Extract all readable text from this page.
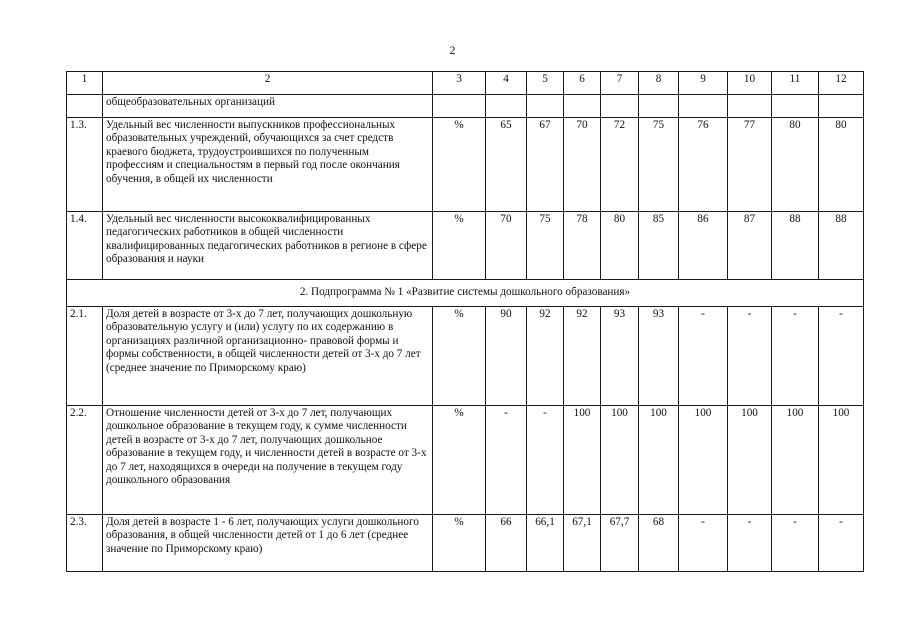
2
1	2	3	4	5	6	7	8	9	10	11	12
	общеобразовательных организаций										
1.3.	Удельный вес численности выпускников профессиональных образовательных учреждений, обучающихся за счет средств краевого бюджета, трудоустроившихся по полученным профессиям и специальностям в первый год после окончания обучения, в общей их численности	%	65	67	70	72	75	76	77	80	80
1.4.	Удельный вес численности высококвалифицированных педагогических работников в общей численности квалифицированных педагогических работников в регионе в сфере образования и науки	%	70	75	78	80	85	86	87	88	88
2. Подпрограмма № 1 «Развитие системы дошкольного образования»											
2.1.	Доля детей в возрасте от 3-х до 7 лет, получающих дошкольную образовательную услугу и (или) услугу по их содержанию в организациях различной организационно- правовой формы и формы собственности, в общей численности детей от 3-х до 7 лет (среднее значение по Приморскому краю)	%	90	92	92	93	93	-	-	-	-
2.2.	Отношение численности детей от 3-х до 7 лет, получающих дошкольное образование в текущем году, к сумме численности детей в возрасте от 3-х до 7 лет, получающих дошкольное образование в текущем году, и численности детей в возрасте от 3-х до 7 лет, находящихся в очереди на получение в текущем году дошкольного образования	%	-	-	100	100	100	100	100	100	100
2.3.	Доля детей в возрасте 1 - 6 лет, получающих услуги дошкольного образования, в общей численности детей от 1 до 6 лет (среднее значение по Приморскому краю)	%	66	66,1	67,1	67,7	68	-	-	-	-
